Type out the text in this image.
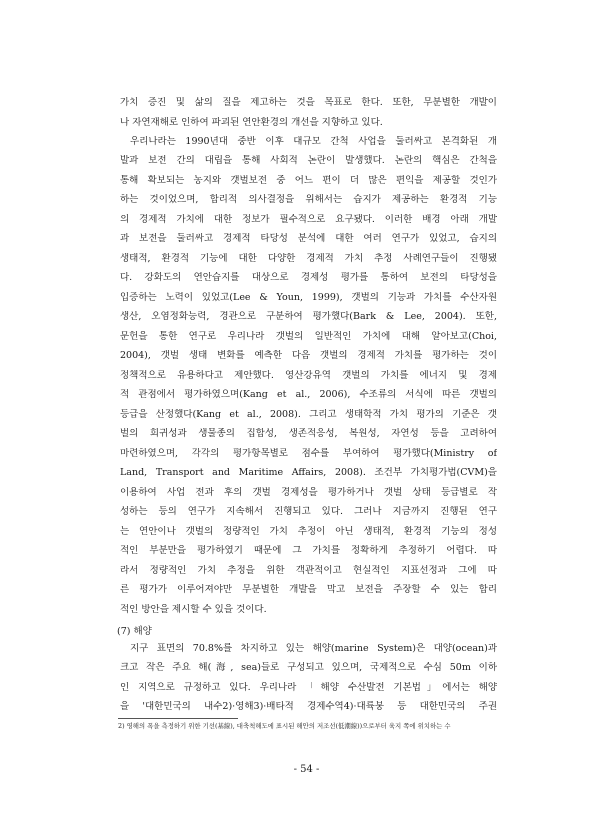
가치 증진 및 삶의 질을 제고하는 것을 목표로 한다. 또한, 무분별한 개발이
나 자연재해로 인하여 파괴된 연안환경의 개선을 지향하고 있다.
우리나라는 1990년대 중반 이후 대규모 간척 사업을 둘러싸고 본격화된 개
발과 보전 간의 대립을 통해 사회적 논란이 발생했다. 논란의 핵심은 간척을
통해 확보되는 농지와 갯벌보전 중 어느 편이 더 많은 편익을 제공할 것인가
하는 것이었으며, 합리적 의사결정을 위해서는 습지가 제공하는 환경적 기능
의 경제적 가치에 대한 정보가 필수적으로 요구됐다. 이러한 배경 아래 개발
과 보전을 둘러싸고 경제적 타당성 분석에 대한 여러 연구가 있었고, 습지의
생태적, 환경적 기능에 대한 다양한 경제적 가치 추정 사례연구들이 진행됐
다. 강화도의 연안습지를 대상으로 경제성 평가를 통하여 보전의 타당성을
입증하는 노력이 있었고(Lee & Youn, 1999), 갯벌의 기능과 가치를 수산자원
생산, 오염정화능력, 경관으로 구분하여 평가했다(Bark & Lee, 2004). 또한,
문헌을 통한 연구로 우리나라 갯벌의 일반적인 가치에 대해 알아보고(Choi,
2004), 갯벌 생태 변화를 예측한 다음 갯벌의 경제적 가치를 평가하는 것이
정책적으로 유용하다고 제안했다. 영산강유역 갯벌의 가치를 에너지 및 경제
적 관점에서 평가하였으며(Kang et al., 2006), 수조류의 서식에 따른 갯벌의
등급을 산정했다(Kang et al., 2008). 그리고 생태학적 가치 평가의 기준은 갯
벌의 희귀성과 생물종의 집합성, 생존적응성, 복원성, 자연성 등을 고려하여
마련하였으며, 각각의 평가항목별로 점수를 부여하여 평가했다(Ministry of
Land, Transport and Maritime Affairs, 2008). 조건부 가치평가법(CVM)을
이용하여 사업 전과 후의 갯벌 경제성을 평가하거나 갯벌 상태 등급별로 작
성하는 등의 연구가 지속해서 진행되고 있다. 그러나 지금까지 진행된 연구
는 연안이나 갯벌의 정량적인 가치 추정이 아닌 생태적, 환경적 기능의 정성
적인 부분만을 평가하였기 때문에 그 가치를 정확하게 추정하기 어렵다. 따
라서 정량적인 가치 추정을 위한 객관적이고 현실적인 지표선정과 그에 따
른 평가가 이루어져야만 무분별한 개발을 막고 보전을 주장할 수 있는 합리
적인 방안을 제시할 수 있을 것이다.
(7) 해양
지구 표면의 70.8%를 차지하고 있는 해양(marine System)은 대양(ocean)과
크고 작은 주요 해(海, sea)들로 구성되고 있으며, 국제적으로 수심 50m 이하
인 지역으로 규정하고 있다. 우리나라 「해양 수산발전 기본법」에서는 해양
을 '대한민국의 내수2)·영해3)·배타적 경제수역4)·대륙붕 등 대한민국의 주권
2) 영해의 폭을 측정하기 위한 기선(基線), 대축척해도에 표시된 해안의 저조선(低潮線))으로부터 육지 쪽에 위치하는 수
- 54 -
